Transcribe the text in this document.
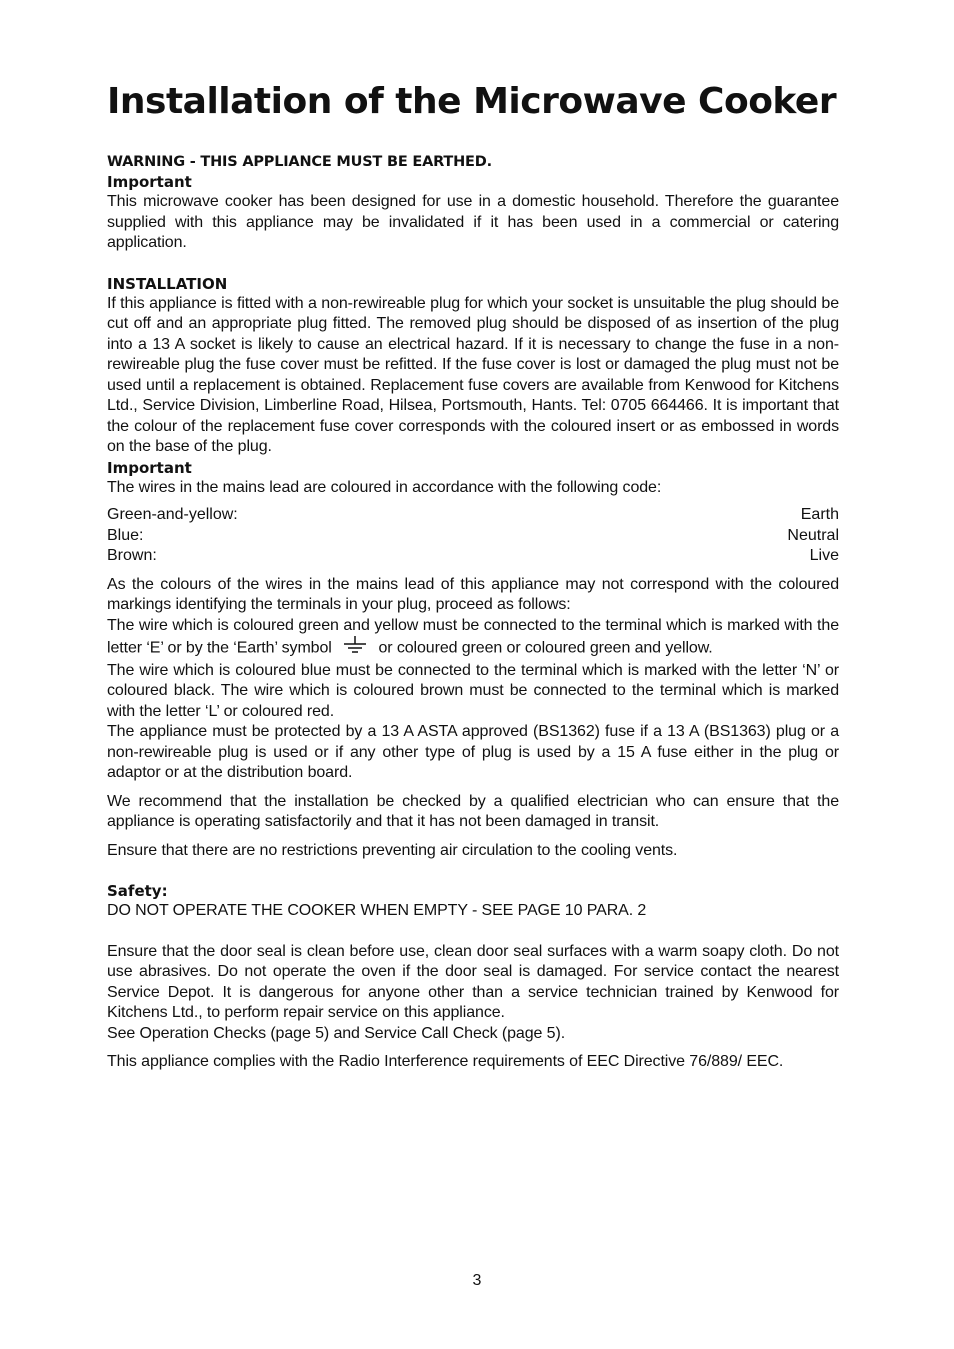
Installation of the Microwave Cooker
WARNING - THIS APPLIANCE MUST BE EARTHED.
Important
This microwave cooker has been designed for use in a domestic household. Therefore the guarantee supplied with this appliance may be invalidated if it has been used in a commercial or catering application.
INSTALLATION
If this appliance is fitted with a non-rewireable plug for which your socket is unsuitable the plug should be cut off and an appropriate plug fitted. The removed plug should be disposed of as insertion of the plug into a 13 A socket is likely to cause an electrical hazard. If it is necessary to change the fuse in a non-rewireable plug the fuse cover must be refitted. If the fuse cover is lost or damaged the plug must not be used until a replacement is obtained. Replacement fuse covers are available from Kenwood for Kitchens Ltd., Service Division, Limberline Road, Hilsea, Portsmouth, Hants. Tel: 0705 664466. It is important that the colour of the replacement fuse cover corresponds with the coloured insert or as embossed in words on the base of the plug.
Important
The wires in the mains lead are coloured in accordance with the following code:
Green-and-yellow:	Earth
Blue:	Neutral
Brown:	Live
As the colours of the wires in the mains lead of this appliance may not correspond with the coloured markings identifying the terminals in your plug, proceed as follows:
The wire which is coloured green and yellow must be connected to the terminal which is marked with the letter ‘E’ or by the ‘Earth’ symbol	or coloured green or coloured green and yellow.
The wire which is coloured blue must be connected to the terminal which is marked with the letter ‘N’ or coloured black. The wire which is coloured brown must be connected to the terminal which is marked with the letter ‘L’ or coloured red.
The appliance must be protected by a 13 A ASTA approved (BS1362) fuse if a 13 A (BS1363) plug or a non-rewireable plug is used or if any other type of plug is used by a 15 A fuse either in the plug or adaptor or at the distribution board.
We recommend that the installation be checked by a qualified electrician who can ensure that the appliance is operating satisfactorily and that it has not been damaged in transit.
Ensure that there are no restrictions preventing air circulation to the cooling vents.
Safety:
DO NOT OPERATE THE COOKER WHEN EMPTY - SEE PAGE 10 PARA. 2
Ensure that the door seal is clean before use, clean door seal surfaces with a warm soapy cloth. Do not use abrasives. Do not operate the oven if the door seal is damaged. For service contact the nearest Service Depot. It is dangerous for anyone other than a service technician trained by Kenwood for Kitchens Ltd., to perform repair service on this appliance.
See Operation Checks (page 5) and Service Call Check (page 5).
This appliance complies with the Radio Interference requirements of EEC Directive 76/889/ EEC.
3
